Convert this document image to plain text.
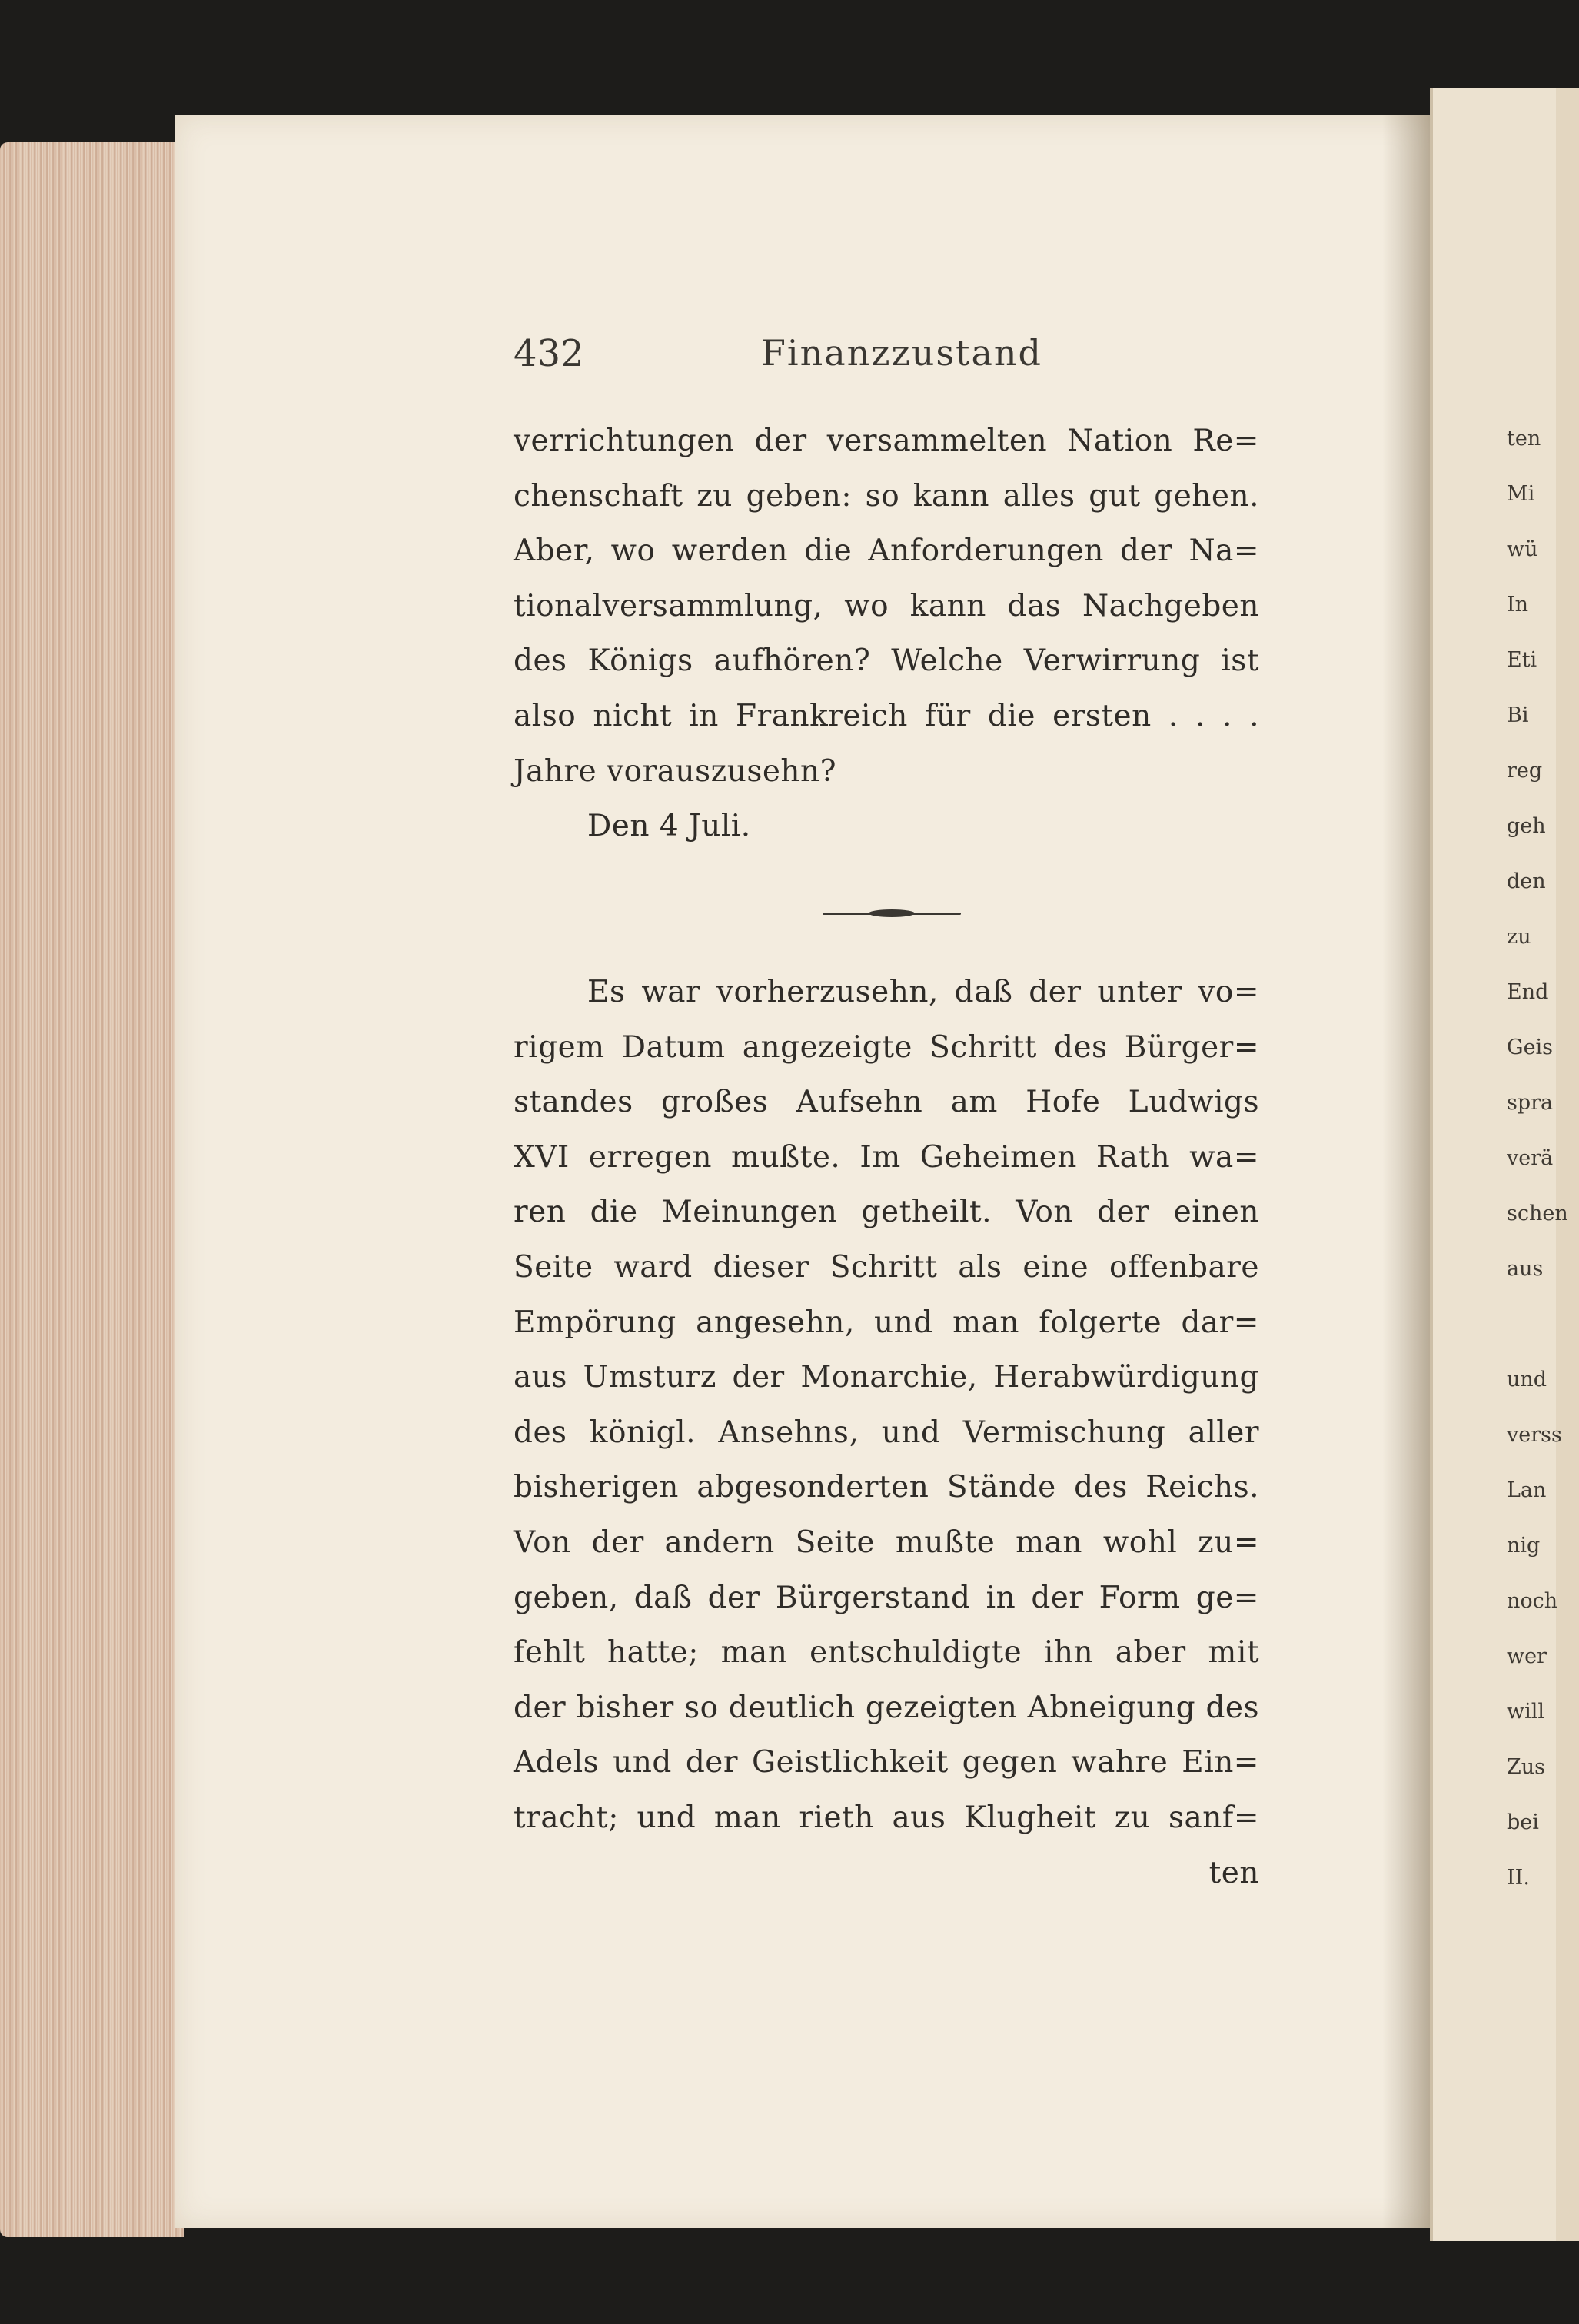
ten
Mi
wü
In
Eti
Bi
reg
geh
den
zu
End
Geis
spra
verä
schen
aus
und
verss
Lan
nig
noch
wer
will
Zus
bei
II.
432	Finanzzustand
verrichtungen der versammelten Nation Re=
chenschaft zu geben: so kann alles gut gehen.
Aber, wo werden die Anforderungen der Na=
tionalversammlung, wo kann das Nachgeben
des Königs aufhören? Welche Verwirrung ist
also nicht in Frankreich für die ersten . . . .
Jahre vorauszusehn?
Den 4 Juli.
Es war vorherzusehn, daß der unter vo=
rigem Datum angezeigte Schritt des Bürger=
standes großes Aufsehn am Hofe Ludwigs
XVI erregen mußte. Im Geheimen Rath wa=
ren die Meinungen getheilt. Von der einen
Seite ward dieser Schritt als eine offenbare
Empörung angesehn, und man folgerte dar=
aus Umsturz der Monarchie, Herabwürdigung
des königl. Ansehns, und Vermischung aller
bisherigen abgesonderten Stände des Reichs.
Von der andern Seite mußte man wohl zu=
geben, daß der Bürgerstand in der Form ge=
fehlt hatte; man entschuldigte ihn aber mit
der bisher so deutlich gezeigten Abneigung des
Adels und der Geistlichkeit gegen wahre Ein=
tracht; und man rieth aus Klugheit zu sanf=
ten
